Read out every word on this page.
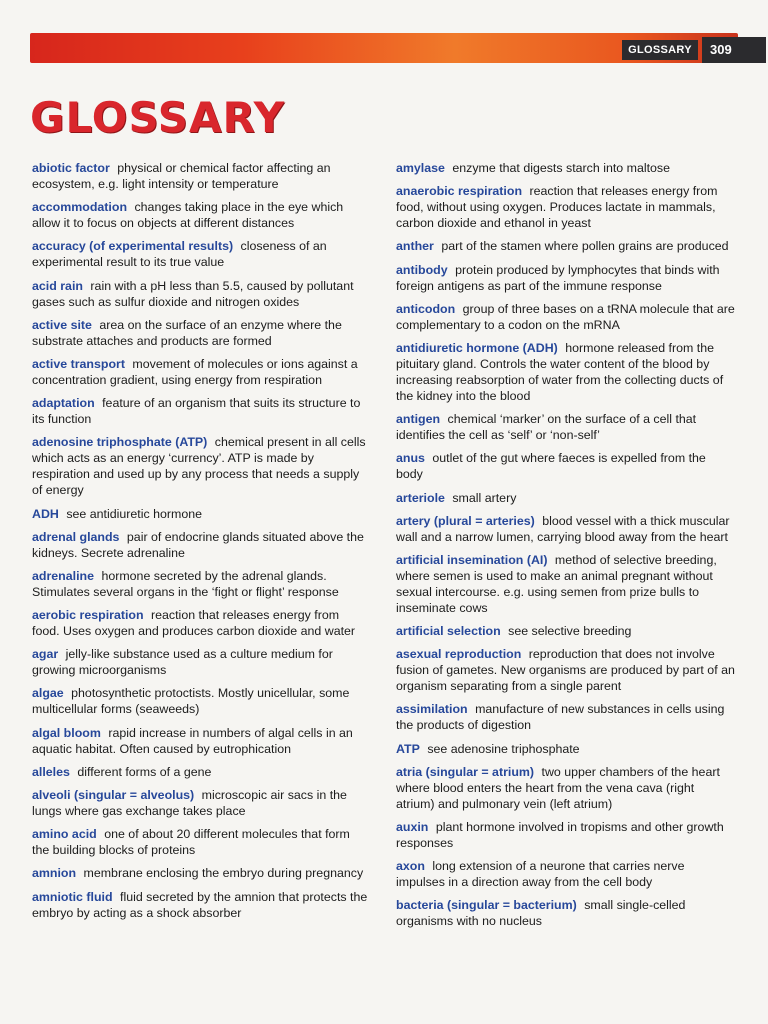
GLOSSARY	309
GLOSSARY

abiotic factor physical or chemical factor affecting an ecosystem, e.g. light intensity or temperature

accommodation changes taking place in the eye which allow it to focus on objects at different distances

accuracy (of experimental results) closeness of an experimental result to its true value

acid rain rain with a pH less than 5.5, caused by pollutant gases such as sulfur dioxide and nitrogen oxides

active site area on the surface of an enzyme where the substrate attaches and products are formed

active transport movement of molecules or ions against a concentration gradient, using energy from respiration

adaptation feature of an organism that suits its structure to its function

adenosine triphosphate (ATP) chemical present in all cells which acts as an energy ‘currency’. ATP is made by respiration and used up by any process that needs a supply of energy

ADH see antidiuretic hormone

adrenal glands pair of endocrine glands situated above the kidneys. Secrete adrenaline

adrenaline hormone secreted by the adrenal glands. Stimulates several organs in the ‘fight or flight’ response

aerobic respiration reaction that releases energy from food. Uses oxygen and produces carbon dioxide and water

agar jelly-like substance used as a culture medium for growing microorganisms

algae photosynthetic protoctists. Mostly unicellular, some multicellular forms (seaweeds)

algal bloom rapid increase in numbers of algal cells in an aquatic habitat. Often caused by eutrophication

alleles different forms of a gene

alveoli (singular = alveolus) microscopic air sacs in the lungs where gas exchange takes place

amino acid one of about 20 different molecules that form the building blocks of proteins

amnion membrane enclosing the embryo during pregnancy

amniotic fluid fluid secreted by the amnion that protects the embryo by acting as a shock absorber

amylase enzyme that digests starch into maltose

anaerobic respiration reaction that releases energy from food, without using oxygen. Produces lactate in mammals, carbon dioxide and ethanol in yeast

anther part of the stamen where pollen grains are produced

antibody protein produced by lymphocytes that binds with foreign antigens as part of the immune response

anticodon group of three bases on a tRNA molecule that are complementary to a codon on the mRNA

antidiuretic hormone (ADH) hormone released from the pituitary gland. Controls the water content of the blood by increasing reabsorption of water from the collecting ducts of the kidney into the blood

antigen chemical ‘marker’ on the surface of a cell that identifies the cell as ‘self’ or ‘non-self’

anus outlet of the gut where faeces is expelled from the body

arteriole small artery

artery (plural = arteries) blood vessel with a thick muscular wall and a narrow lumen, carrying blood away from the heart

artificial insemination (AI) method of selective breeding, where semen is used to make an animal pregnant without sexual intercourse. e.g. using semen from prize bulls to inseminate cows

artificial selection see selective breeding

asexual reproduction reproduction that does not involve fusion of gametes. New organisms are produced by part of an organism separating from a single parent

assimilation manufacture of new substances in cells using the products of digestion

ATP see adenosine triphosphate

atria (singular = atrium) two upper chambers of the heart where blood enters the heart from the vena cava (right atrium) and pulmonary vein (left atrium)

auxin plant hormone involved in tropisms and other growth responses

axon long extension of a neurone that carries nerve impulses in a direction away from the cell body

bacteria (singular = bacterium) small single-celled organisms with no nucleus
